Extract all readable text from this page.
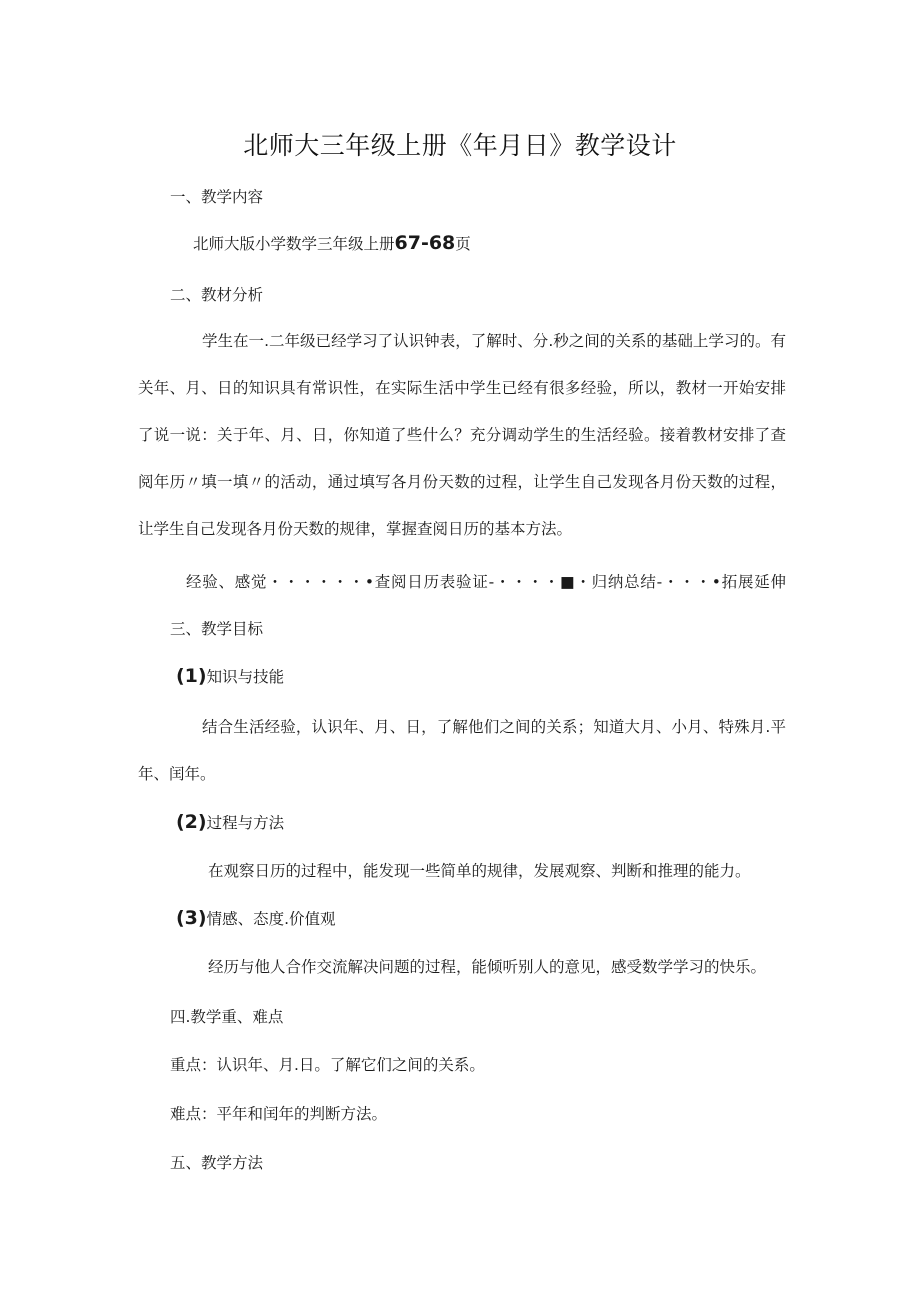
北师大三年级上册《年月日》教学设计
一、教学内容
北师大版小学数学三年级上册67-68页
二、教材分析
学生在一.二年级已经学习了认识钟表，了解时、分.秒之间的关系的基础上学习的。有关年、月、日的知识具有常识性，在实际生活中学生已经有很多经验，所以，教材一开始安排了说一说：关于年、月、日，你知道了些什么？充分调动学生的生活经验。接着教材安排了查阅年历〃填一填〃的活动，通过填写各月份天数的过程，让学生自己发现各月份天数的过程，让学生自己发现各月份天数的规律，掌握查阅日历的基本方法。
经验、感觉・・・・・・•查阅日历表验证-・・・・■・归纳总结-・・・•拓展延伸三、教学目标
(1)知识与技能
结合生活经验，认识年、月、日，了解他们之间的关系；知道大月、小月、特殊月.平年、闰年。
(2)过程与方法
在观察日历的过程中，能发现一些简单的规律，发展观察、判断和推理的能力。
(3)情感、态度.价值观
经历与他人合作交流解决问题的过程，能倾听别人的意见，感受数学学习的快乐。
四.教学重、难点
重点：认识年、月.日。了解它们之间的关系。
难点：平年和闰年的判断方法。
五、教学方法
